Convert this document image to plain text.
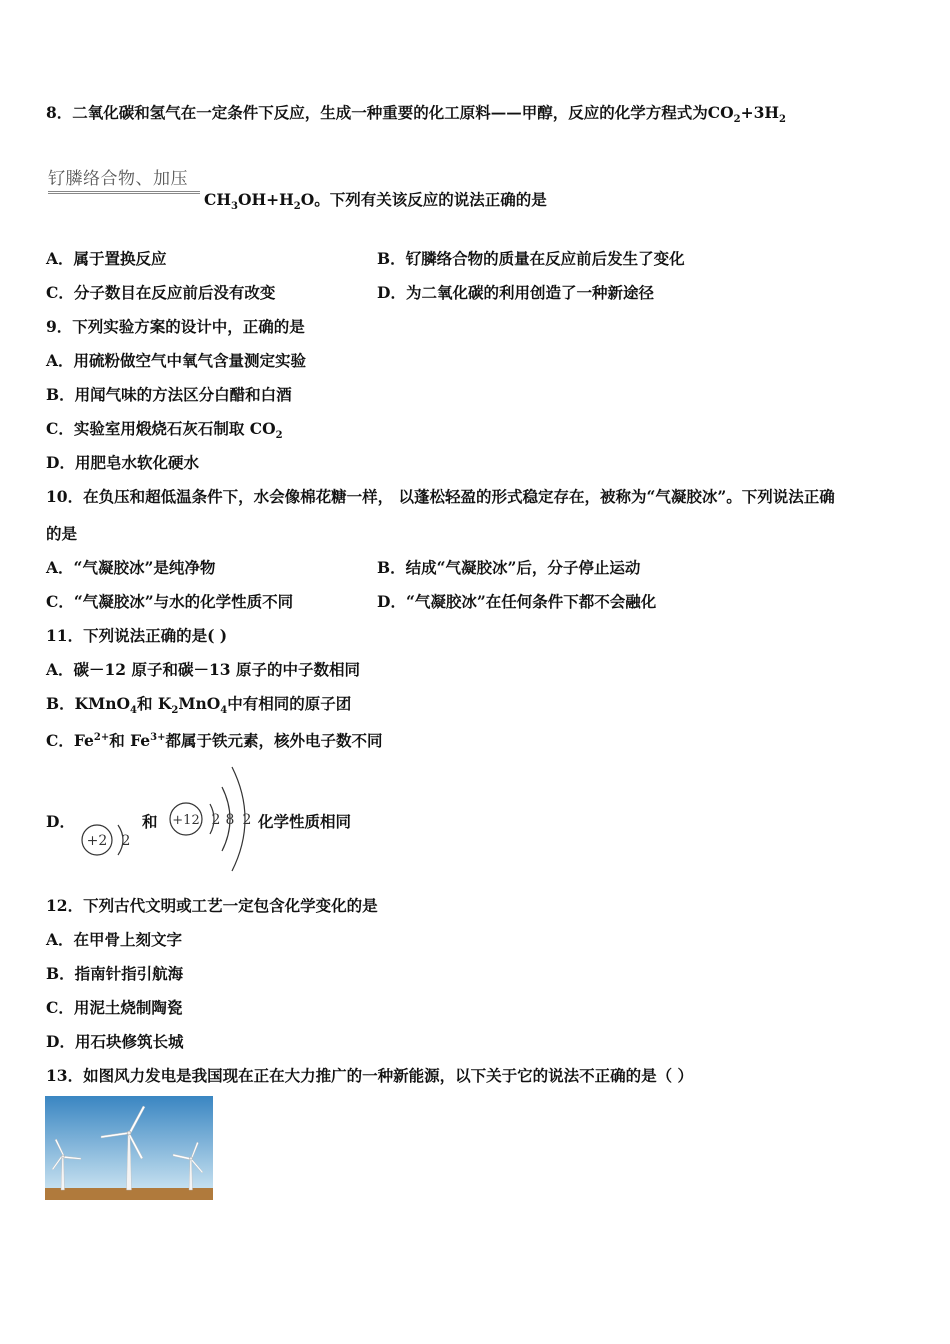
8．二氧化碳和氢气在一定条件下反应，生成一种重要的化工原料——甲醇，反应的化学方程式为$CO_2+3H_2$
钌膦络合物、加压
$CH_3OH+H_2O$。下列有关该反应的说法正确的是
A．属于置换反应	B．钌膦络合物的质量在反应前后发生了变化
C．分子数目在反应前后没有改变	D．为二氧化碳的利用创造了一种新途径
9．下列实验方案的设计中，正确的是
A．用硫粉做空气中氧气含量测定实验
B．用闻气味的方法区分白醋和白酒
C．实验室用煅烧石灰石制取 $CO_2$
D．用肥皂水软化硬水
10．在负压和超低温条件下，水会像棉花糖一样， 以蓬松轻盈的形式稳定存在，被称为“气凝胶冰”。下列说法正确
的是
A．“气凝胶冰”是纯净物	B．结成“气凝胶冰”后，分子停止运动
C．“气凝胶冰”与水的化学性质不同	D．“气凝胶冰”在任何条件下都不会融化
11．下列说法正确的是( )
A．碳－12 原子和碳－13 原子的中子数相同
B．KMnO$_4$和 $K_2MnO_4$中有相同的原子团
C．$Fe^{2+}$和 $Fe^{3+}$都属于铁元素，核外电子数不同
D．
+2 2
和 +12 2 8 2 化学性质相同
12．下列古代文明或工艺一定包含化学变化的是
A．在甲骨上刻文字
B．指南针指引航海
C．用泥土烧制陶瓷
D．用石块修筑长城
13．如图风力发电是我国现在正在大力推广的一种新能源，以下关于它的说法不正确的是（ ）
